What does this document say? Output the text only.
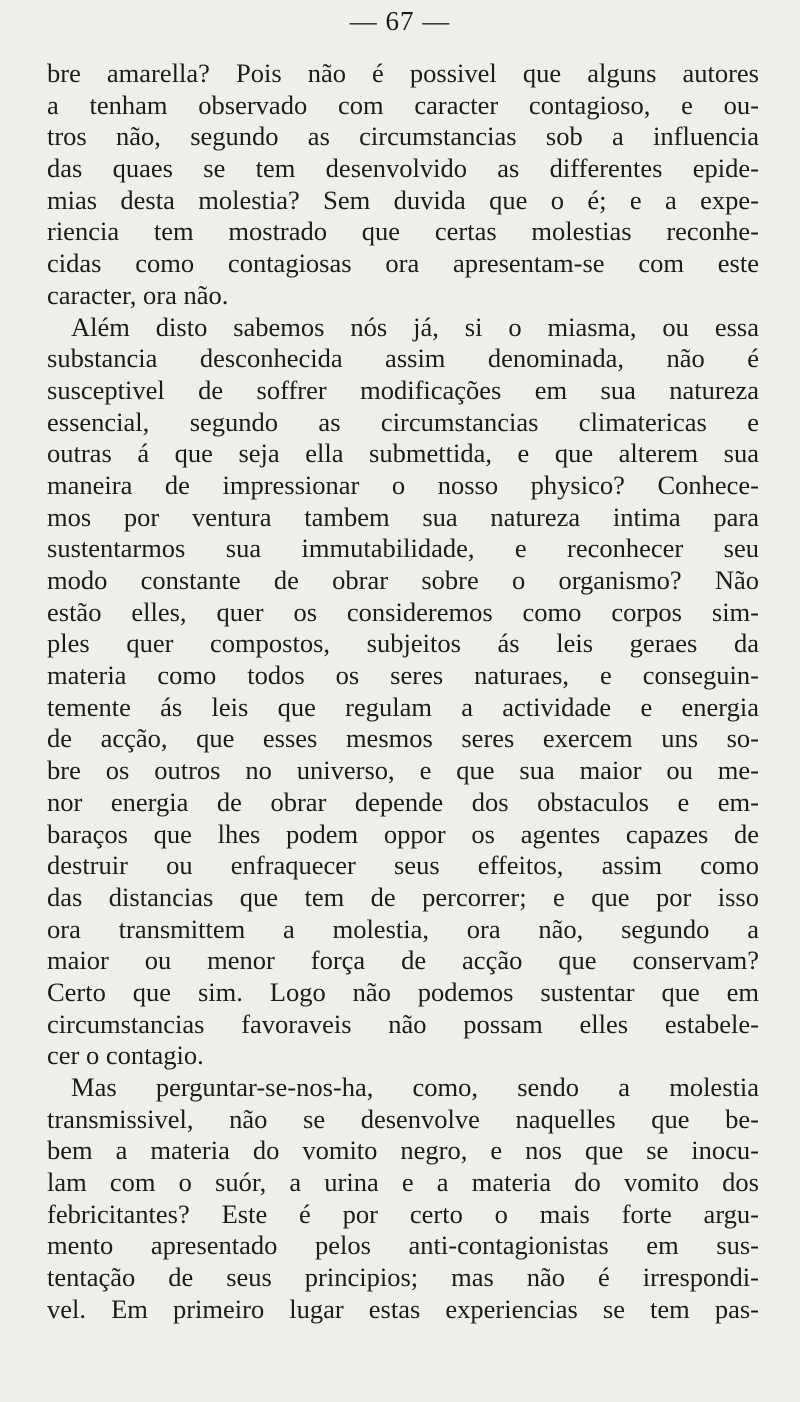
— 67 —
bre amarella? Pois não é possivel que alguns autores
a tenham observado com caracter contagioso, e ou-
tros não, segundo as circumstancias sob a influencia
das quaes se tem desenvolvido as differentes epide-
mias desta molestia? Sem duvida que o é; e a expe-
riencia tem mostrado que certas molestias reconhe-
cidas como contagiosas ora apresentam-se com este
caracter, ora não.
Além disto sabemos nós já, si o miasma, ou essa
substancia desconhecida assim denominada, não é
susceptivel de soffrer modificações em sua natureza
essencial, segundo as circumstancias climatericas e
outras á que seja ella submettida, e que alterem sua
maneira de impressionar o nosso physico? Conhece-
mos por ventura tambem sua natureza intima para
sustentarmos sua immutabilidade, e reconhecer seu
modo constante de obrar sobre o organismo? Não
estão elles, quer os consideremos como corpos sim-
ples quer compostos, subjeitos ás leis geraes da
materia como todos os seres naturaes, e conseguin-
temente ás leis que regulam a actividade e energia
de acção, que esses mesmos seres exercem uns so-
bre os outros no universo, e que sua maior ou me-
nor energia de obrar depende dos obstaculos e em-
baraços que lhes podem oppor os agentes capazes de
destruir ou enfraquecer seus effeitos, assim como
das distancias que tem de percorrer; e que por isso
ora transmittem a molestia, ora não, segundo a
maior ou menor força de acção que conservam?
Certo que sim. Logo não podemos sustentar que em
circumstancias favoraveis não possam elles estabele-
cer o contagio.
Mas perguntar-se-nos-ha, como, sendo a molestia
transmissivel, não se desenvolve naquelles que be-
bem a materia do vomito negro, e nos que se inocu-
lam com o suór, a urina e a materia do vomito dos
febricitantes? Este é por certo o mais forte argu-
mento apresentado pelos anti-contagionistas em sus-
tentação de seus principios; mas não é irrespondi-
vel. Em primeiro lugar estas experiencias se tem pas-
